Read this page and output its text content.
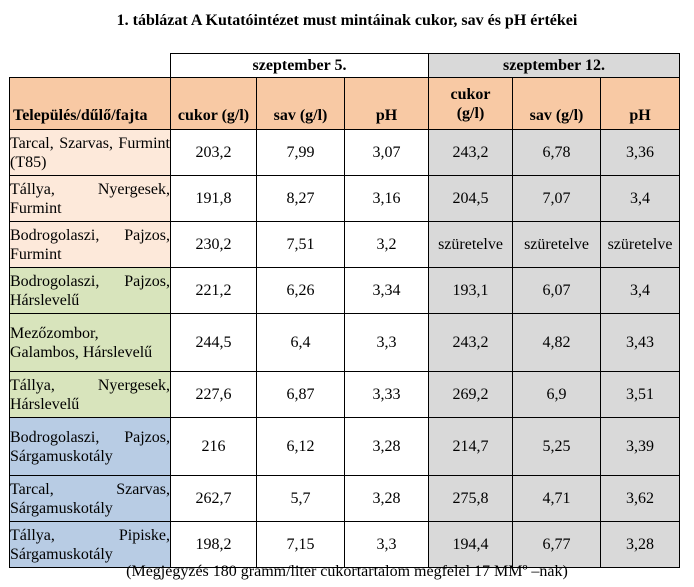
1. táblázat A Kutatóintézet must mintáinak cukor, sav és pH értékei
	szeptember 5.			szeptember 12.		
Település/dűlő/fajta	cukor (g/l)	sav (g/l)	pH	cukor (g/l)	sav (g/l)	pH
Tarcal, Szarvas, Furmint (T85)	203,2	7,99	3,07	243,2	6,78	3,36
Tállya, Nyergesek, Furmint	191,8	8,27	3,16	204,5	7,07	3,4
Bodrogolaszi, Pajzos, Furmint	230,2	7,51	3,2	szüretelve	szüretelve	szüretelve
Bodrogolaszi, Pajzos, Hárslevelű	221,2	6,26	3,34	193,1	6,07	3,4
Mezőzombor, Galambos, Hárslevelű	244,5	6,4	3,3	243,2	4,82	3,43
Tállya, Nyergesek, Hárslevelű	227,6	6,87	3,33	269,2	6,9	3,51
Bodrogolaszi, Pajzos, Sárgamuskotály	216	6,12	3,28	214,7	5,25	3,39
Tarcal, Szarvas, Sárgamuskotály	262,7	5,7	3,28	275,8	4,71	3,62
Tállya, Pipiske, Sárgamuskotály	198,2	7,15	3,3	194,4	6,77	3,28
(Megjegyzés 180 gramm/liter cukortartalom megfelel 17 MMº –nak)
